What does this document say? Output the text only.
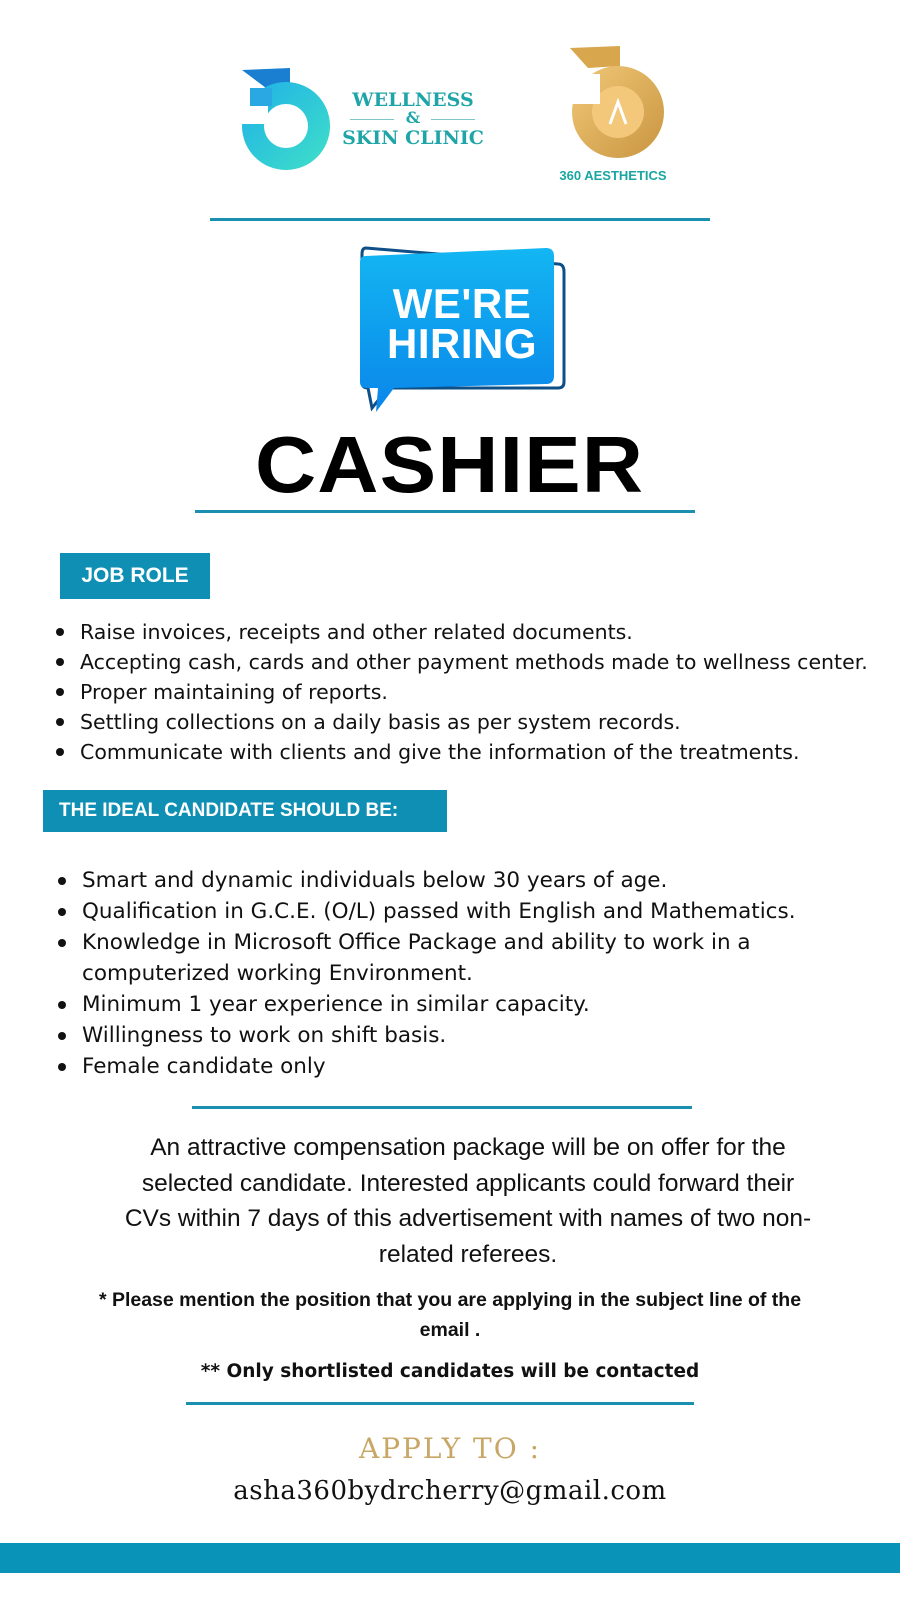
WELLNESS
&
SKIN CLINIC
360 AESTHETICS
WE'RE
HIRING
CASHIER
JOB ROLE
Raise invoices, receipts and other related documents.
Accepting cash, cards and other payment methods made to wellness center.
Proper maintaining of reports.
Settling collections on a daily basis as per system records.
Communicate with clients and give the information of the treatments.
THE IDEAL CANDIDATE SHOULD BE:
Smart and dynamic individuals below 30 years of age.
Qualification in G.C.E. (O/L) passed with English and Mathematics.
Knowledge in Microsoft Office Package and ability to work in a computerized working Environment.
Minimum 1 year experience in similar capacity.
Willingness to work on shift basis.
Female candidate only
An attractive compensation package will be on offer for the selected candidate. Interested applicants could forward their CVs within 7 days of this advertisement with names of two non-related referees.
* Please mention the position that you are applying in the subject line of the email .
** Only shortlisted candidates will be contacted
APPLY TO :
asha360bydrcherry@gmail.com
